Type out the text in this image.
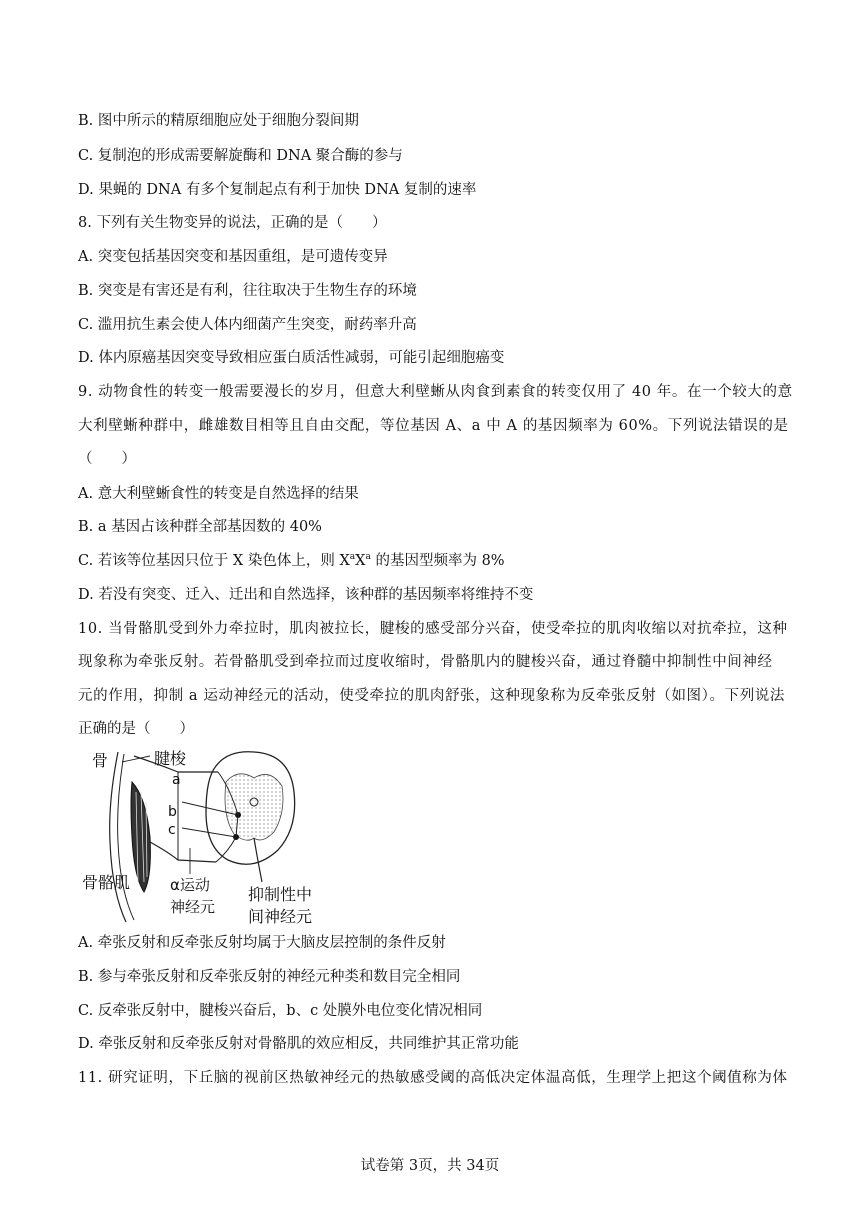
B. 图中所示的精原细胞应处于细胞分裂间期
C. 复制泡的形成需要解旋酶和 DNA 聚合酶的参与
D. 果蝇的 DNA 有多个复制起点有利于加快 DNA 复制的速率
8. 下列有关生物变异的说法，正确的是（　　）
A. 突变包括基因突变和基因重组，是可遗传变异
B. 突变是有害还是有利，往往取决于生物生存的环境
C. 滥用抗生素会使人体内细菌产生突变，耐药率升高
D. 体内原癌基因突变导致相应蛋白质活性减弱，可能引起细胞癌变
9. 动物食性的转变一般需要漫长的岁月，但意大利壁蜥从肉食到素食的转变仅用了 40 年。在一个较大的意
大利壁蜥种群中，雌雄数目相等且自由交配，等位基因 A、a 中 A 的基因频率为 60%。下列说法错误的是
（　　）
A. 意大利壁蜥食性的转变是自然选择的结果
B. a 基因占该种群全部基因数的 40%
C. 若该等位基因只位于 X 染色体上，则 $X^aX^a$ 的基因型频率为 8%
D. 若没有突变、迁入、迁出和自然选择，该种群的基因频率将维持不变
10. 当骨骼肌受到外力牵拉时，肌肉被拉长，腱梭的感受部分兴奋，使受牵拉的肌肉收缩以对抗牵拉，这种
现象称为牵张反射。若骨骼肌受到牵拉而过度收缩时，骨骼肌内的腱梭兴奋，通过脊髓中抑制性中间神经
元的作用，抑制 a 运动神经元的活动，使受牵拉的肌肉舒张，这种现象称为反牵张反射（如图）。下列说法
正确的是（　　）
骨	腱梭
a
b
c
骨骼肌	α运动
神经元
抑制性中
间神经元
A. 牵张反射和反牵张反射均属于大脑皮层控制的条件反射
B. 参与牵张反射和反牵张反射的神经元种类和数目完全相同
C. 反牵张反射中，腱梭兴奋后，b、c 处膜外电位变化情况相同
D. 牵张反射和反牵张反射对骨骼肌的效应相反，共同维护其正常功能
11. 研究证明，下丘脑的视前区热敏神经元的热敏感受阈的高低决定体温高低，生理学上把这个阈值称为体
试卷第 3页，共 34页
